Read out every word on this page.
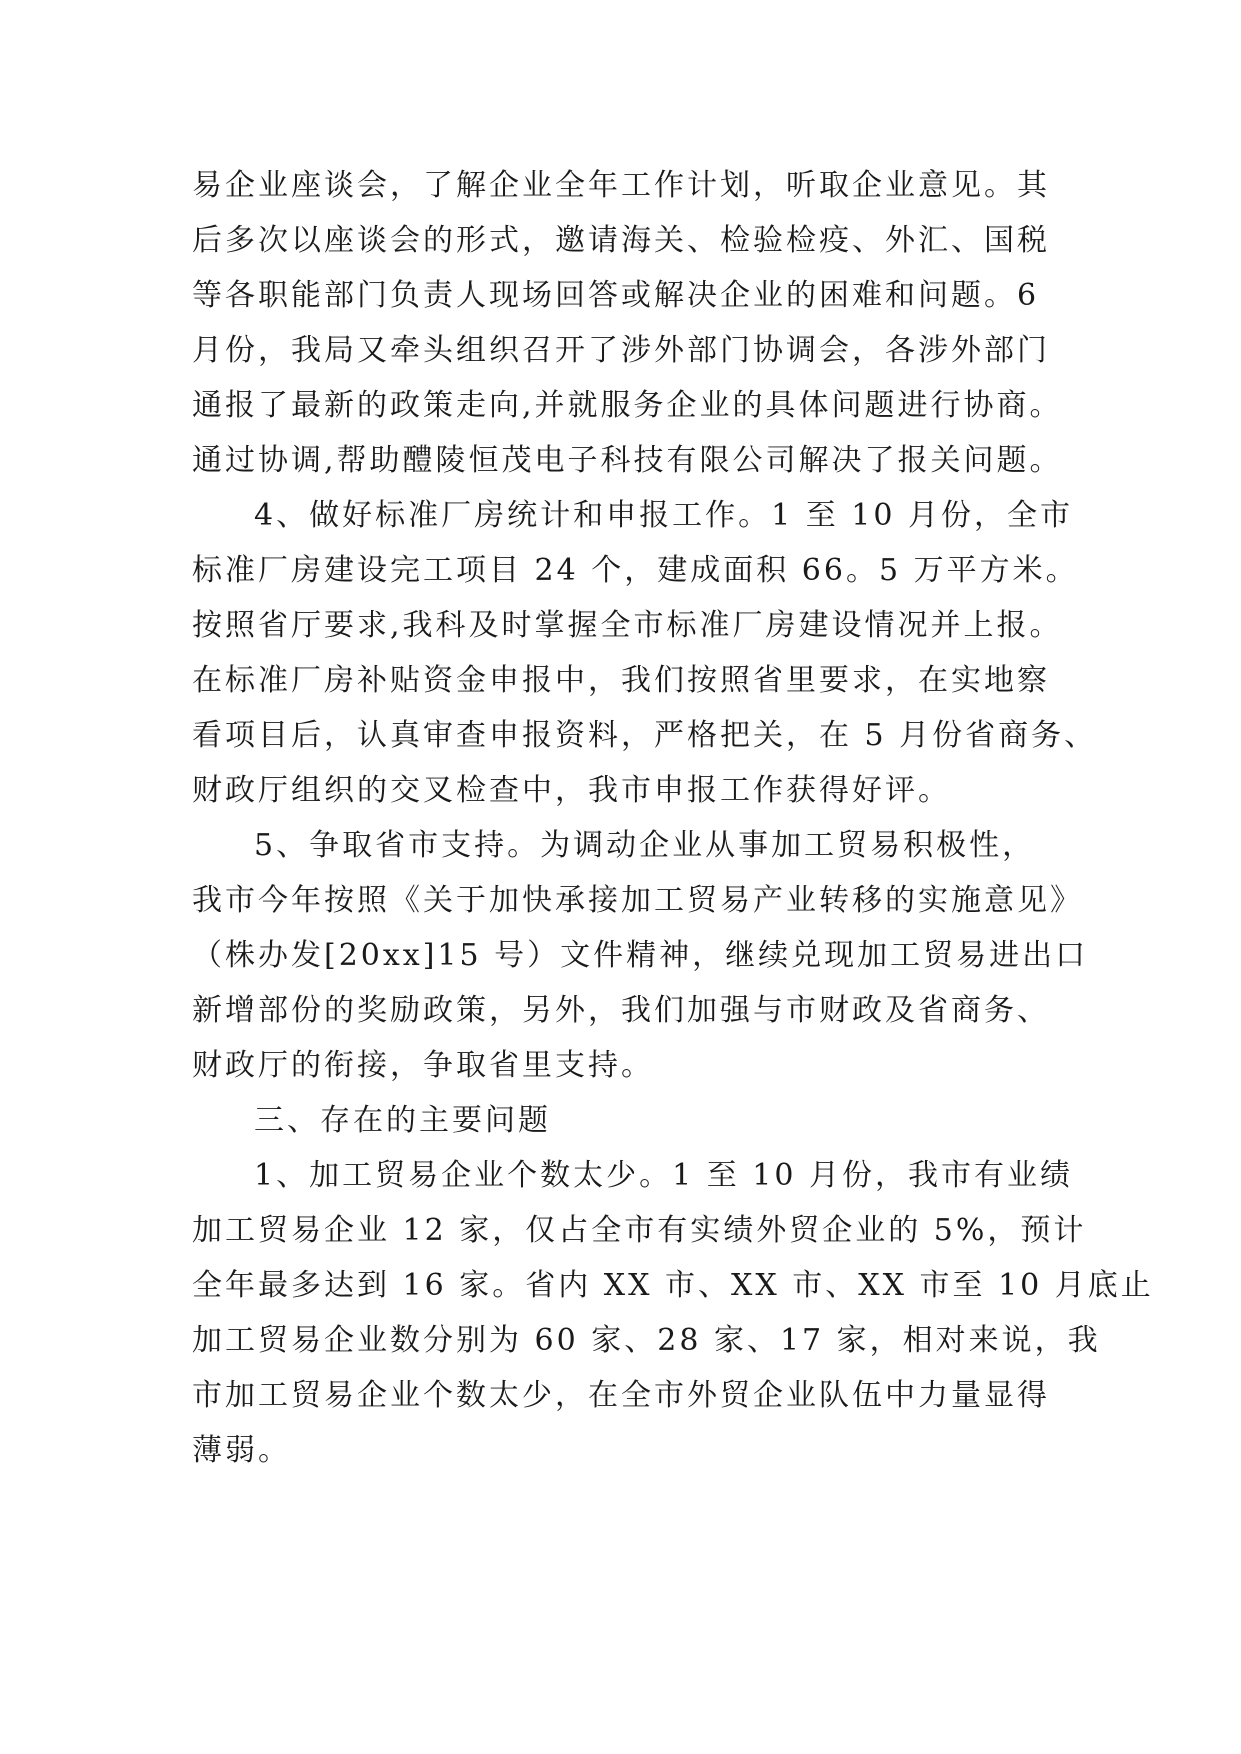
易企业座谈会，了解企业全年工作计划，听取企业意见。其
后多次以座谈会的形式，邀请海关、检验检疫、外汇、国税
等各职能部门负责人现场回答或解决企业的困难和问题。6
月份，我局又牵头组织召开了涉外部门协调会，各涉外部门
通报了最新的政策走向,并就服务企业的具体问题进行协商。
通过协调,帮助醴陵恒茂电子科技有限公司解决了报关问题。
4、做好标准厂房统计和申报工作。1 至 10 月份，全市
标准厂房建设完工项目 24 个，建成面积 66。5 万平方米。
按照省厅要求,我科及时掌握全市标准厂房建设情况并上报。
在标准厂房补贴资金申报中，我们按照省里要求，在实地察
看项目后，认真审查申报资料，严格把关，在 5 月份省商务、
财政厅组织的交叉检查中，我市申报工作获得好评。
5、争取省市支持。为调动企业从事加工贸易积极性，
我市今年按照《关于加快承接加工贸易产业转移的实施意见》
（株办发[20xx]15 号）文件精神，继续兑现加工贸易进出口
新增部份的奖励政策，另外，我们加强与市财政及省商务、
财政厅的衔接，争取省里支持。
三、存在的主要问题
1、加工贸易企业个数太少。1 至 10 月份，我市有业绩
加工贸易企业 12 家，仅占全市有实绩外贸企业的 5%，预计
全年最多达到 16 家。省内 XX 市、XX 市、XX 市至 10 月底止
加工贸易企业数分别为 60 家、28 家、17 家，相对来说，我
市加工贸易企业个数太少，在全市外贸企业队伍中力量显得
薄弱。
